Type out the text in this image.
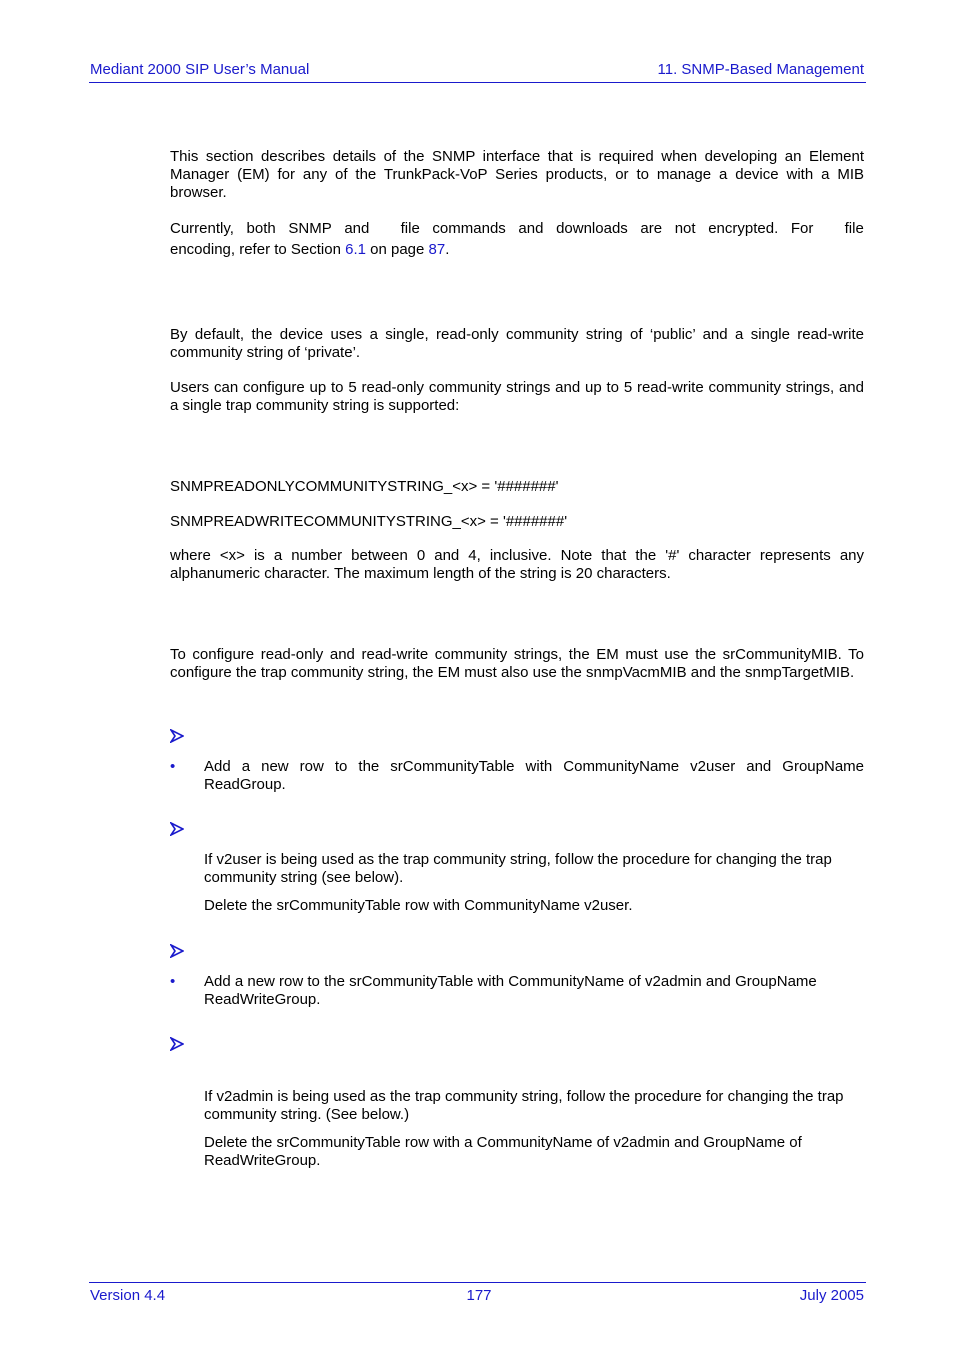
Mediant 2000 SIP User’s Manual	11. SNMP-Based Management
This section describes details of the SNMP interface that is required when developing an Element Manager (EM) for any of the TrunkPack-VoP Series products, or to manage a device with a MIB browser.
Currently, both SNMP and file commands and downloads are not encrypted. For file
encoding, refer to Section 6.1 on page 87.
By default, the device uses a single, read-only community string of ‘public’ and a single read-write community string of ‘private’.
Users can configure up to 5 read-only community strings and up to 5 read-write community strings, and a single trap community string is supported:
SNMPREADONLYCOMMUNITYSTRING_<x> = '#######'
SNMPREADWRITECOMMUNITYSTRING_<x> = '#######'
where <x> is a number between 0 and 4, inclusive. Note that the '#' character represents any alphanumeric character. The maximum length of the string is 20 characters.
To configure read-only and read-write community strings, the EM must use the srCommunityMIB. To configure the trap community string, the EM must also use the snmpVacmMIB and the snmpTargetMIB.
• Add a new row to the srCommunityTable with CommunityName v2user and GroupName ReadGroup.
If v2user is being used as the trap community string, follow the procedure for changing the trap community string (see below).
Delete the srCommunityTable row with CommunityName v2user.
• Add a new row to the srCommunityTable with CommunityName of v2admin and GroupName ReadWriteGroup.
If v2admin is being used as the trap community string, follow the procedure for changing the trap community string. (See below.)
Delete the srCommunityTable row with a CommunityName of v2admin and GroupName of ReadWriteGroup.
Version 4.4	177	July 2005
